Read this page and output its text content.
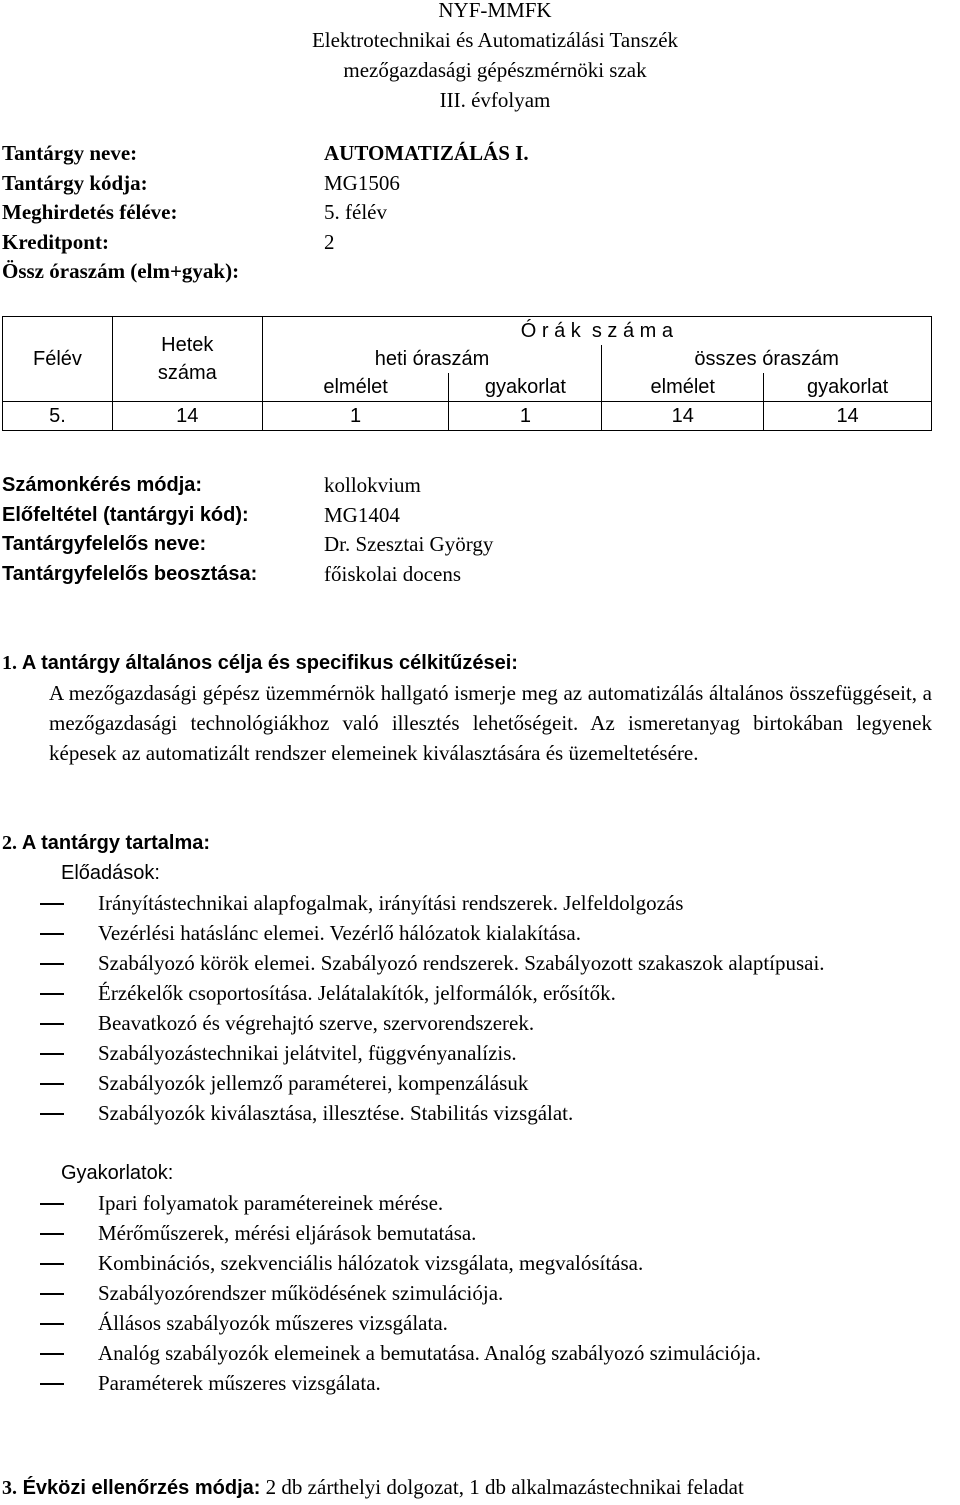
NYF-MMFK
Elektrotechnikai és Automatizálási Tanszék
mezőgazdasági gépészmérnöki szak
III. évfolyam
Tantárgy neve:	AUTOMATIZÁLÁS I.
Tantárgy kódja:	MG1506
Meghirdetés féléve:	5. félév
Kreditpont:	2
Össz óraszám (elm+gyak):
Félév	Hetek száma	Ó r á k  s z á m a			
		heti óraszám		összes óraszám	
		elmélet	gyakorlat	elmélet	gyakorlat
5.	14	1	1	14	14
Számonkérés módja:	kollokvium
Előfeltétel (tantárgyi kód):	MG1404
Tantárgyfelelős neve:	Dr. Szesztai György
Tantárgyfelelős beosztása:	főiskolai docens
1. A tantárgy általános célja és specifikus célkitűzései:
A mezőgazdasági gépész üzemmérnök hallgató ismerje meg az automatizálás általános összefüggéseit, a mezőgazdasági technológiákhoz való illesztés lehetőségeit. Az ismeretanyag birtokában legyenek képesek az automatizált rendszer elemeinek kiválasztására és üzemeltetésére.
2. A tantárgy tartalma:
Előadások:
Irányítástechnikai alapfogalmak, irányítási rendszerek. Jelfeldolgozás
Vezérlési hatáslánc elemei. Vezérlő hálózatok kialakítása.
Szabályozó körök elemei. Szabályozó rendszerek. Szabályozott szakaszok alaptípusai.
Érzékelők csoportosítása. Jelátalakítók, jelformálók, erősítők.
Beavatkozó és végrehajtó szerve, szervorendszerek.
Szabályozástechnikai jelátvitel, függvényanalízis.
Szabályozók jellemző paraméterei, kompenzálásuk
Szabályozók kiválasztása, illesztése. Stabilitás vizsgálat.
Gyakorlatok:
Ipari folyamatok paramétereinek mérése.
Mérőműszerek, mérési eljárások bemutatása.
Kombinációs, szekvenciális hálózatok vizsgálata, megvalósítása.
Szabályozórendszer működésének szimulációja.
Állásos szabályozók műszeres vizsgálata.
Analóg szabályozók elemeinek a bemutatása. Analóg szabályozó szimulációja.
Paraméterek műszeres vizsgálata.
3. Évközi ellenőrzés módja: 2 db zárthelyi dolgozat, 1 db alkalmazástechnikai feladat
